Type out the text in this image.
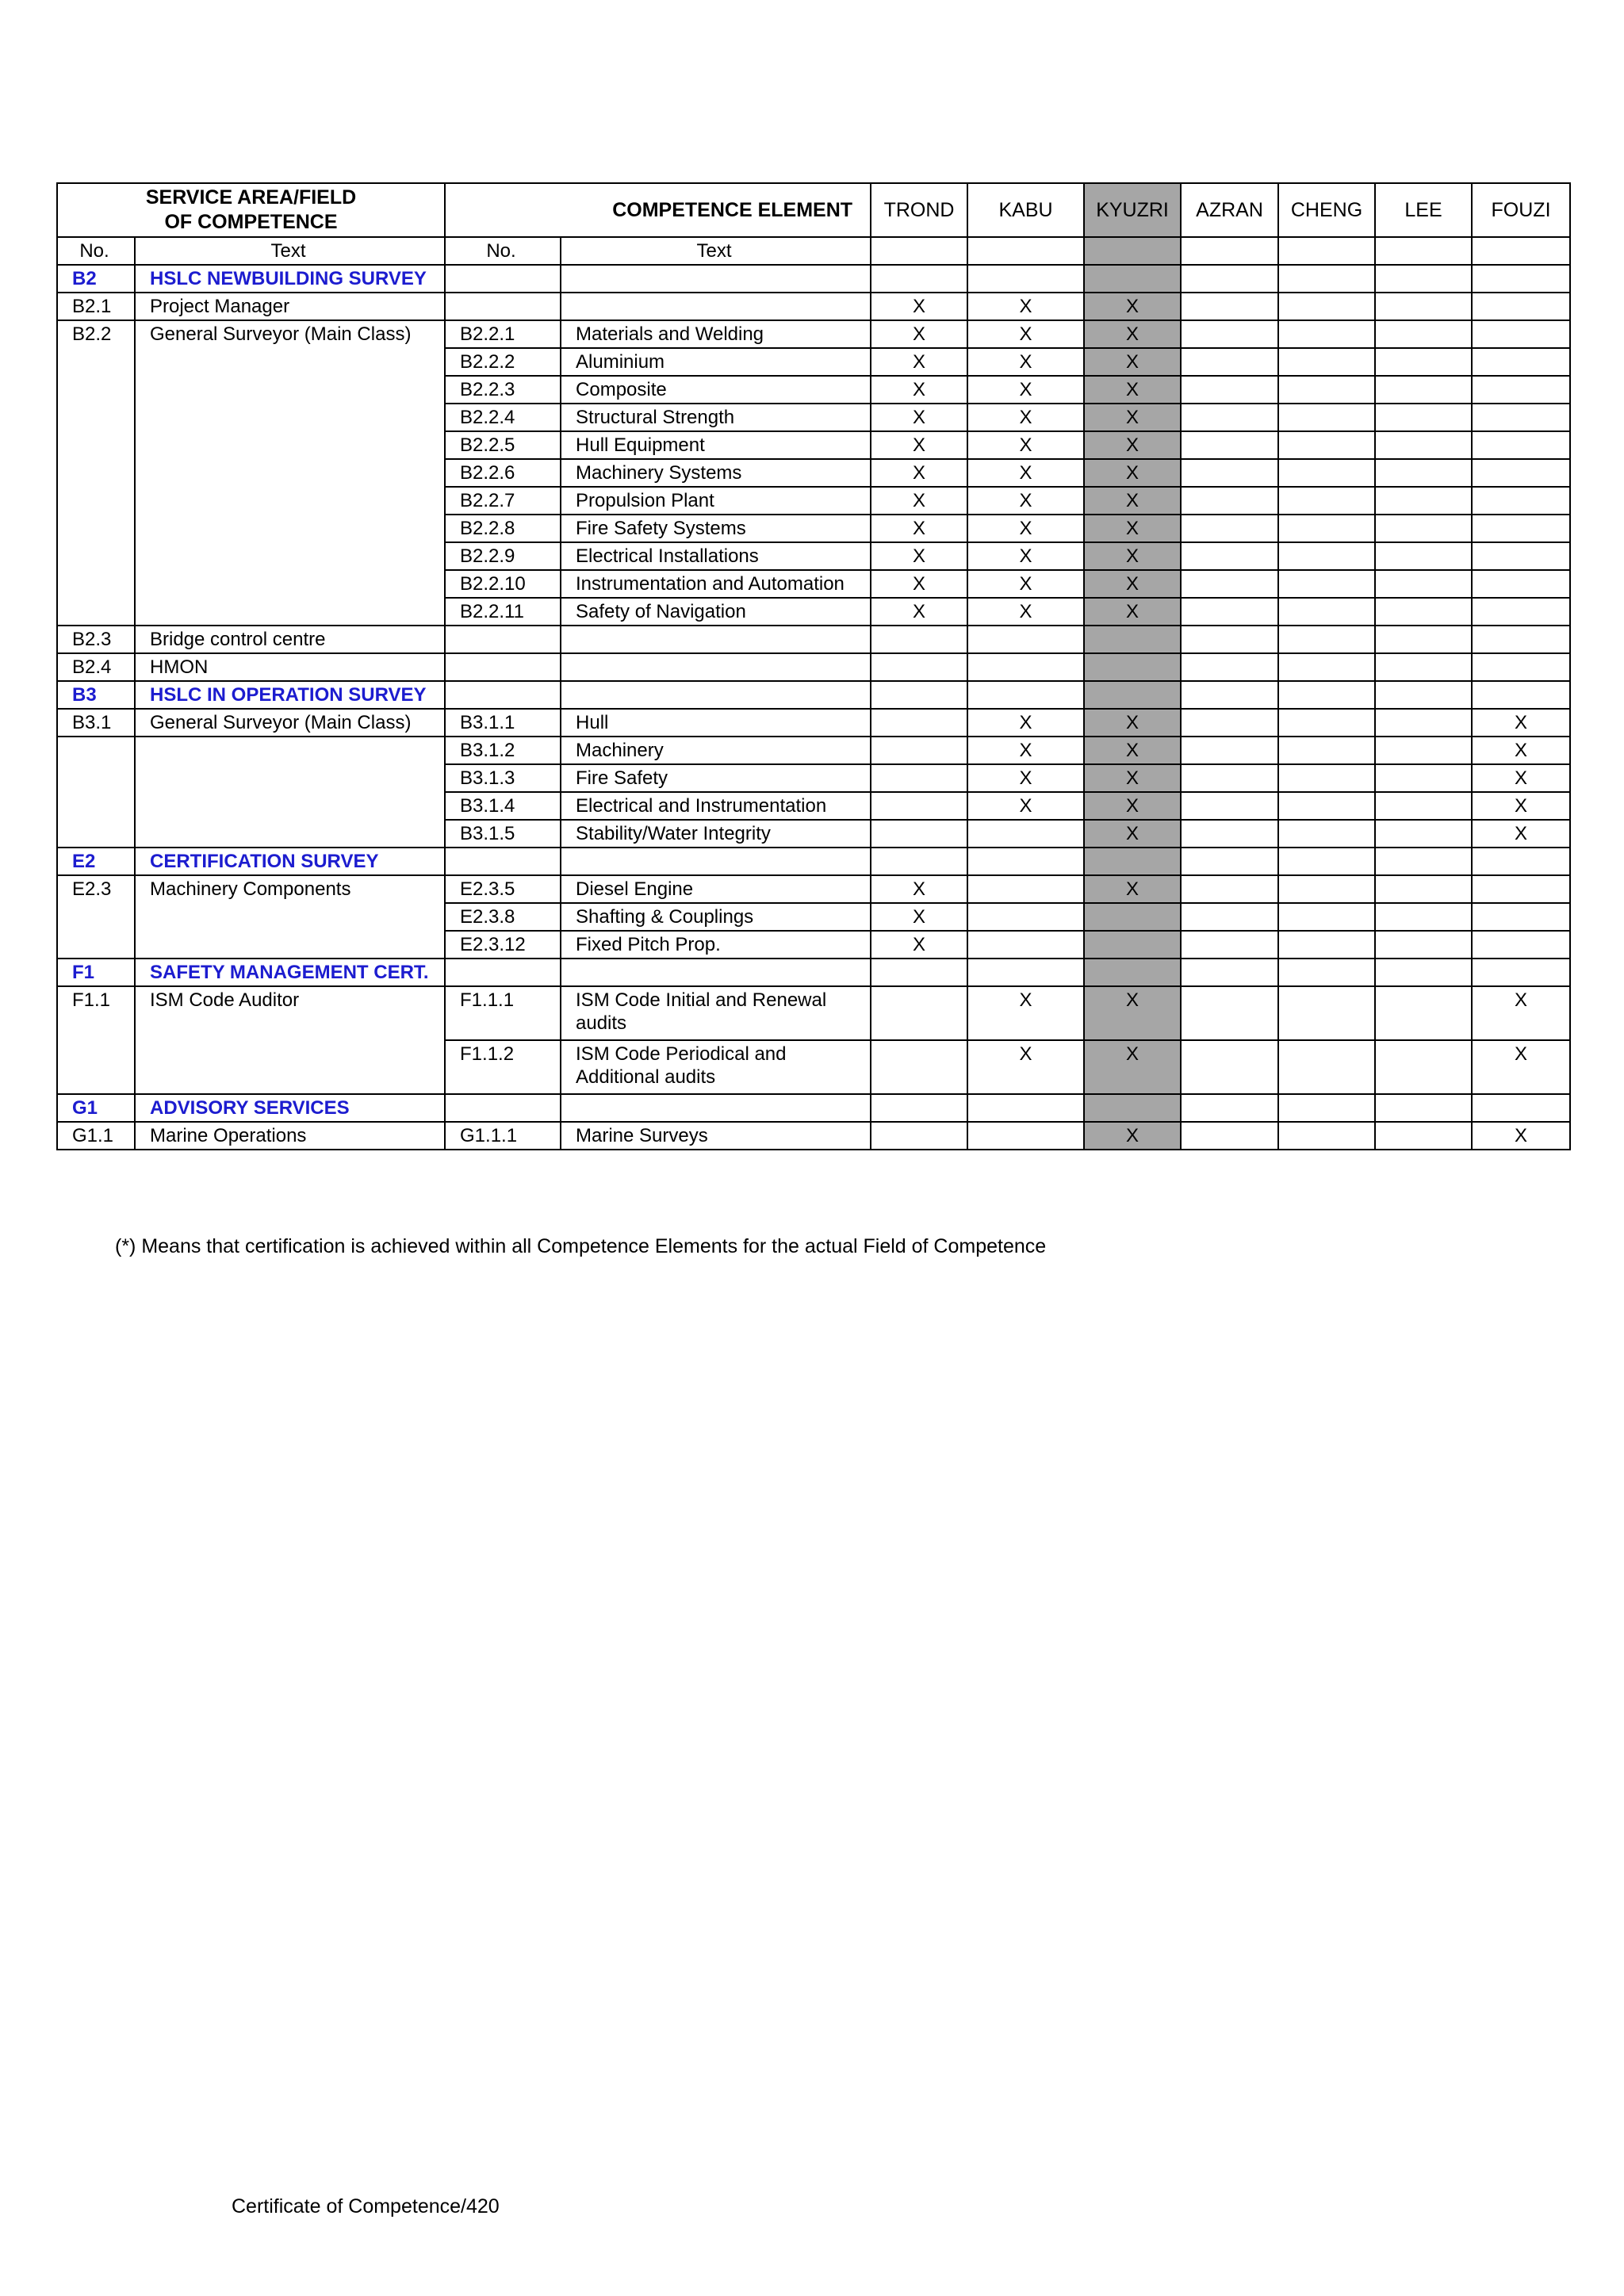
SERVICE AREA/FIELD
OF COMPETENCE		COMPETENCE ELEMENT		TROND	KABU	KYUZRI	AZRAN	CHENG	LEE	FOUZI
No.	Text	No.	Text							
B2	HSLC NEWBUILDING SURVEY									
B2.1	Project Manager			X	X	X				
B2.2	General Surveyor (Main Class)	B2.2.1	Materials and Welding	X	X	X				
		B2.2.2	Aluminium	X	X	X				
		B2.2.3	Composite	X	X	X				
		B2.2.4	Structural Strength	X	X	X				
		B2.2.5	Hull Equipment	X	X	X				
		B2.2.6	Machinery Systems	X	X	X				
		B2.2.7	Propulsion Plant	X	X	X				
		B2.2.8	Fire Safety Systems	X	X	X				
		B2.2.9	Electrical Installations	X	X	X				
		B2.2.10	Instrumentation and Automation	X	X	X				
		B2.2.11	Safety of Navigation	X	X	X				
B2.3	Bridge control centre									
B2.4	HMON									
B3	HSLC IN OPERATION SURVEY									
B3.1	General Surveyor (Main Class)	B3.1.1	Hull		X	X				X
		B3.1.2	Machinery		X	X				X
		B3.1.3	Fire Safety		X	X				X
		B3.1.4	Electrical and Instrumentation		X	X				X
		B3.1.5	Stability/Water Integrity			X				X
E2	CERTIFICATION SURVEY									
E2.3	Machinery Components	E2.3.5	Diesel Engine	X		X				
		E2.3.8	Shafting & Couplings	X						
		E2.3.12	Fixed Pitch Prop.	X						
F1	SAFETY MANAGEMENT CERT.									
F1.1	ISM Code Auditor	F1.1.1	ISM Code Initial and Renewal audits		X	X				X
		F1.1.2	ISM Code Periodical and Additional audits		X	X				X
G1	ADVISORY SERVICES									
G1.1	Marine Operations	G1.1.1	Marine Surveys			X				X
(*) Means that certification is achieved within all Competence Elements for the actual Field of Competence
Certificate of Competence/420
